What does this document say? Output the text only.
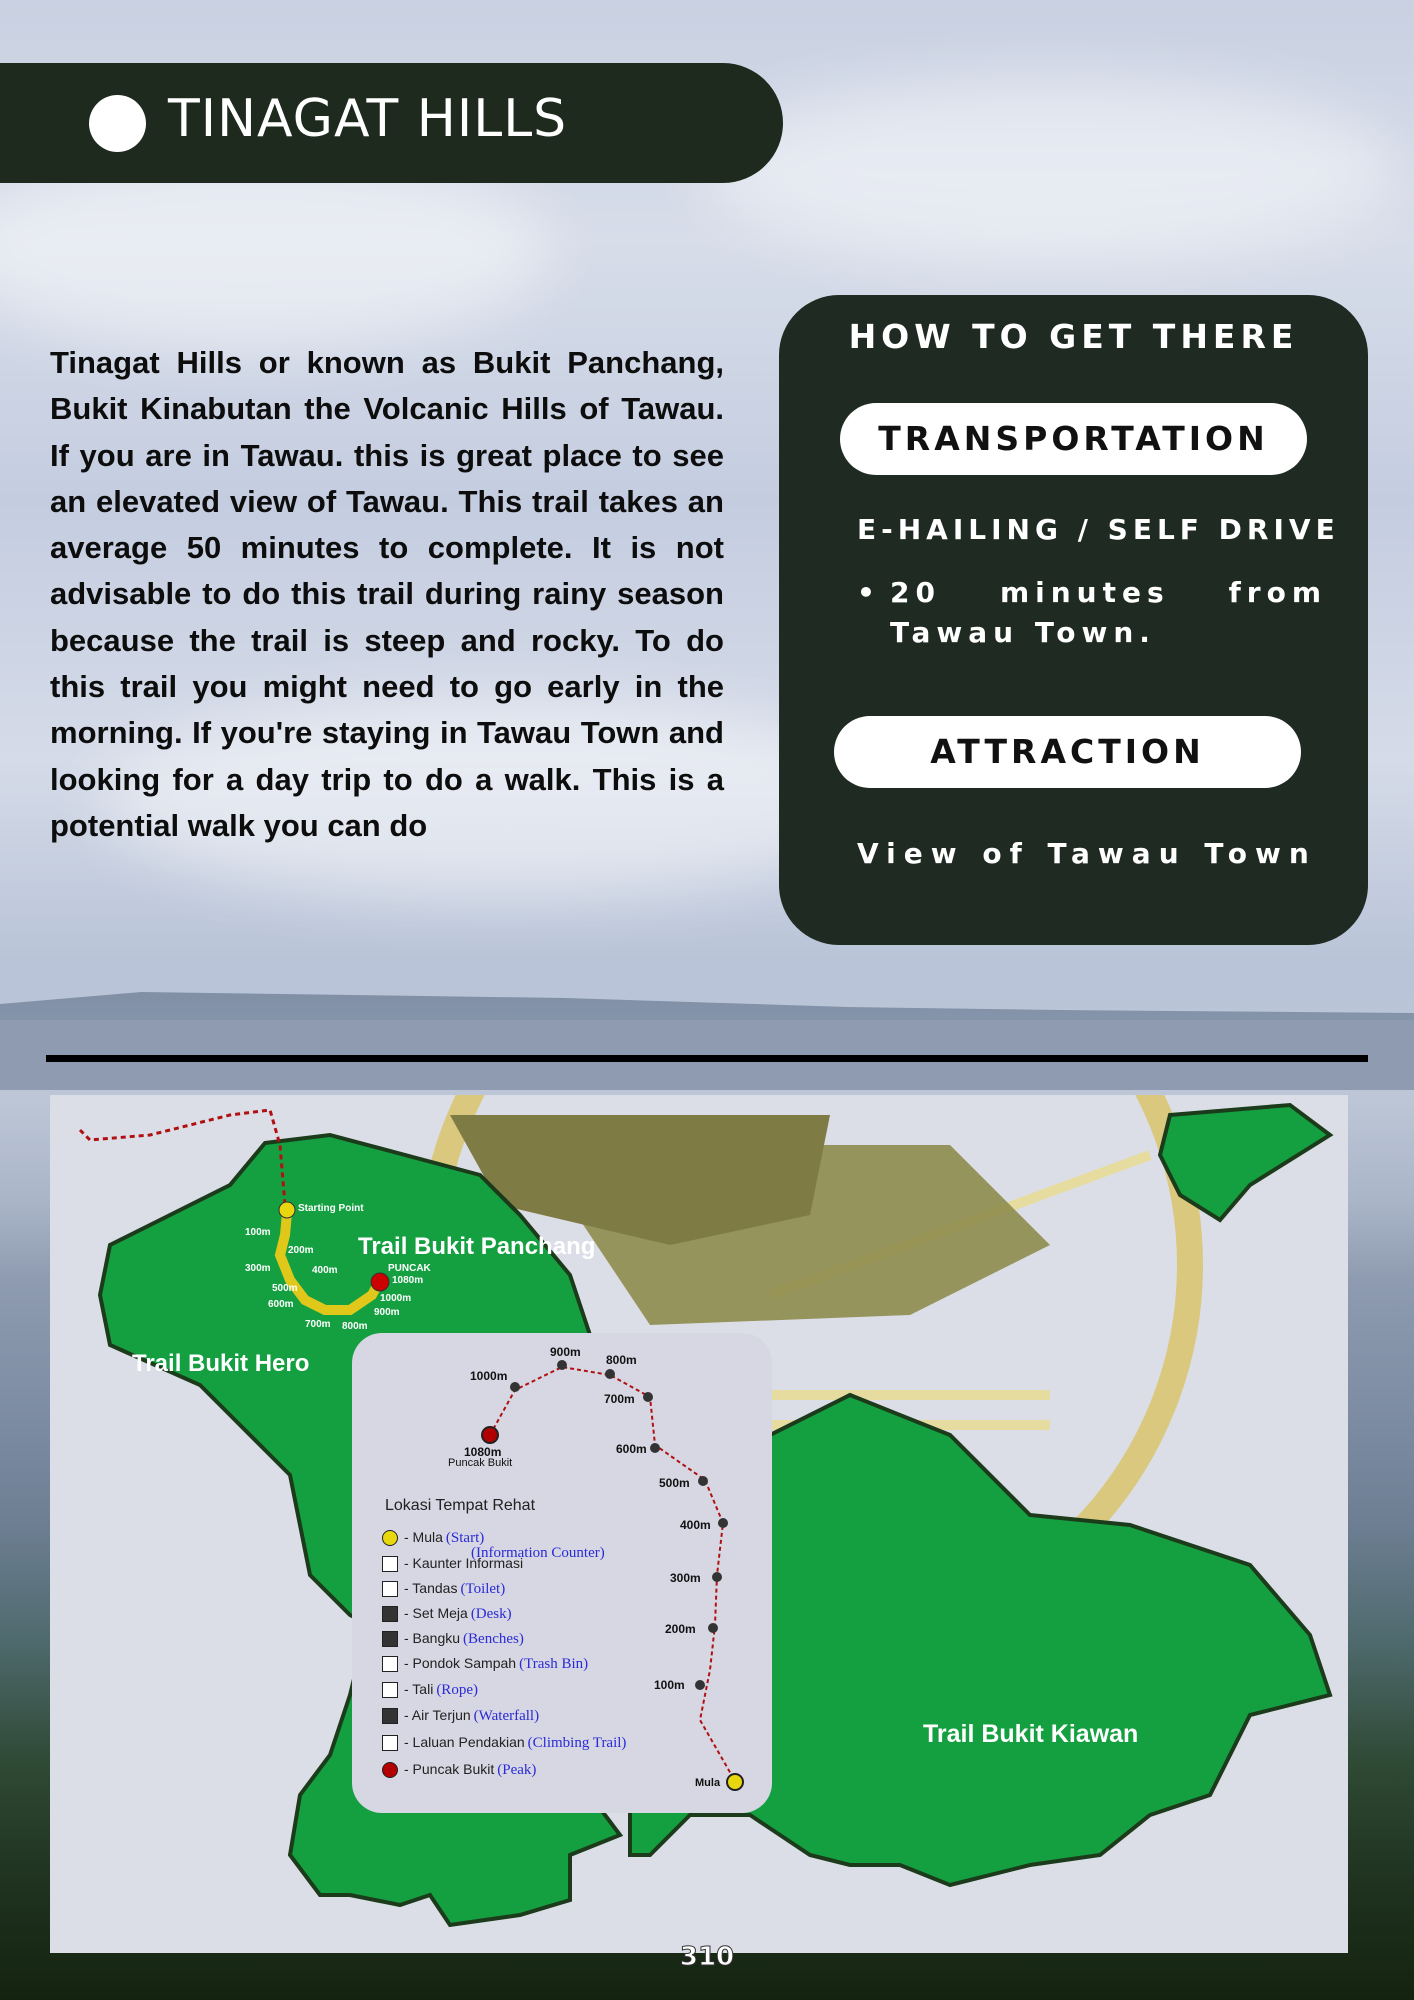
TINAGAT HILLS
Tinagat Hills or known as Bukit Panchang, Bukit Kinabutan the Volcanic Hills of Tawau. If you are in Tawau. this is great place to see an elevated view of Tawau. This trail takes an average 50 minutes to complete. It is not advisable to do this trail during rainy season because the trail is steep and rocky. To do this trail you might need to go early in the morning. If you're staying in Tawau Town and looking for a day trip to do a walk. This is a potential walk you can do
HOW TO GET THERE
TRANSPORTATION
E-HAILING / SELF DRIVE
• 20 minutes from Tawau Town.
ATTRACTION
View of Tawau Town
Trail Bukit Panchang
Trail Bukit Hero
Trail Bukit Kiawan
Starting Point
PUNCAK
1080m
100m
200m
300m	400m
500m
600m
700m 800m
900m
1000m
1000m
900m
800m
700m
600m
500m
400m
300m
200m
100m
1080m
Puncak Bukit
Mula
Lokasi Tempat Rehat
- Mula (Start)
- Kaunter Informasi
(Information Counter)
- Tandas (Toilet)
- Set Meja (Desk)
- Bangku (Benches)
- Pondok Sampah (Trash Bin)
- Tali (Rope)
- Air Terjun (Waterfall)
- Laluan Pendakian (Climbing Trail)
- Puncak Bukit (Peak)
310
